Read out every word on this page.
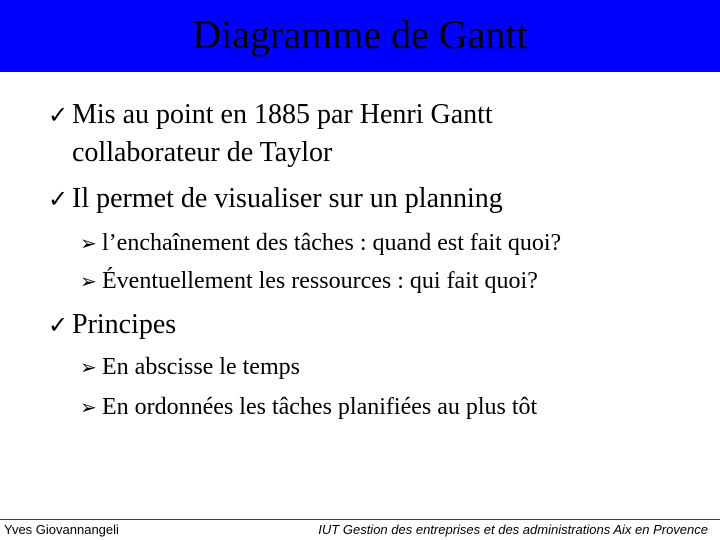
Diagramme de Gantt
✓ Mis au point en 1885 par Henri Gantt
collaborateur de Taylor
✓ Il permet de visualiser sur un planning
➢ l’enchaînement des tâches : quand est fait quoi?
➢ Éventuellement les ressources : qui fait quoi?
✓ Principes
➢ En abscisse le temps
➢ En ordonnées les tâches planifiées au plus tôt
Yves Giovannangeli	IUT Gestion des entreprises et des administrations Aix en Provence
